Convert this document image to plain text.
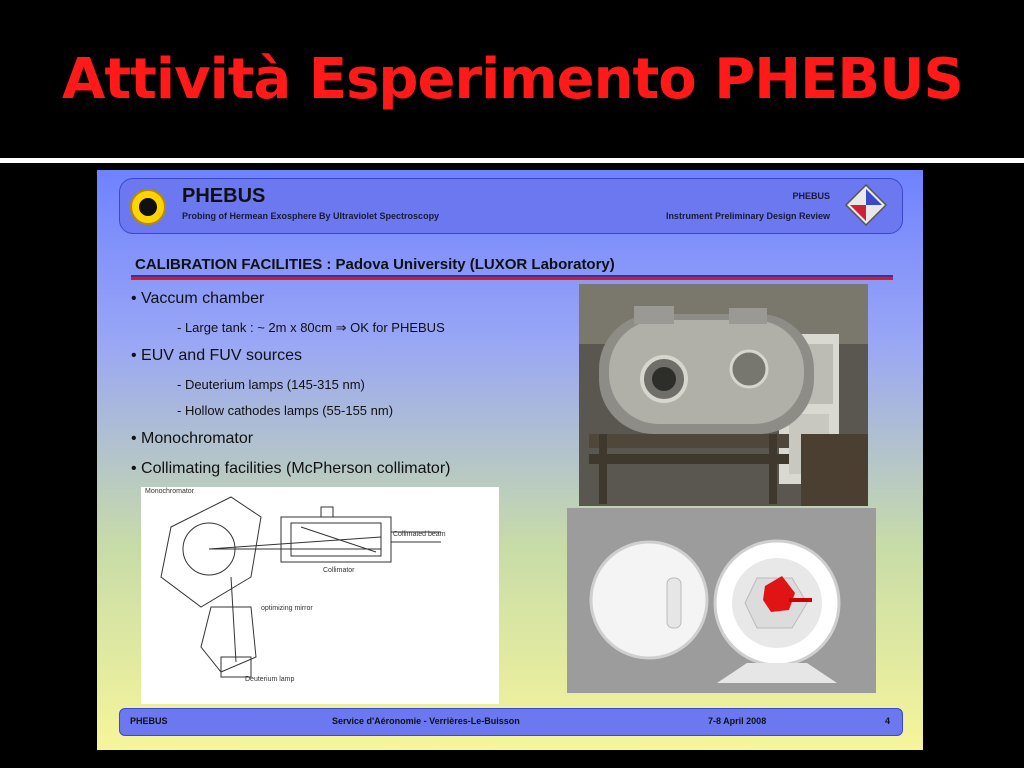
Attività Esperimento PHEBUS
PHEBUS
Probing of Hermean Exosphere By Ultraviolet Spectroscopy
PHEBUS
Instrument Preliminary Design Review
CALIBRATION FACILITIES : Padova University (LUXOR Laboratory)
• Vaccum chamber
- Large tank : ~ 2m x 80cm ⇒ OK for PHEBUS
• EUV and FUV sources
- Deuterium lamps (145-315 nm)
- Hollow cathodes lamps (55-155 nm)
• Monochromator
• Collimating facilities (McPherson collimator)
Monochromator
Collimated beam
Collimator
optimizing mirror
Deuterium lamp
PHEBUS	Service d'Aéronomie - Verrières-Le-Buisson	7-8 April 2008	4
